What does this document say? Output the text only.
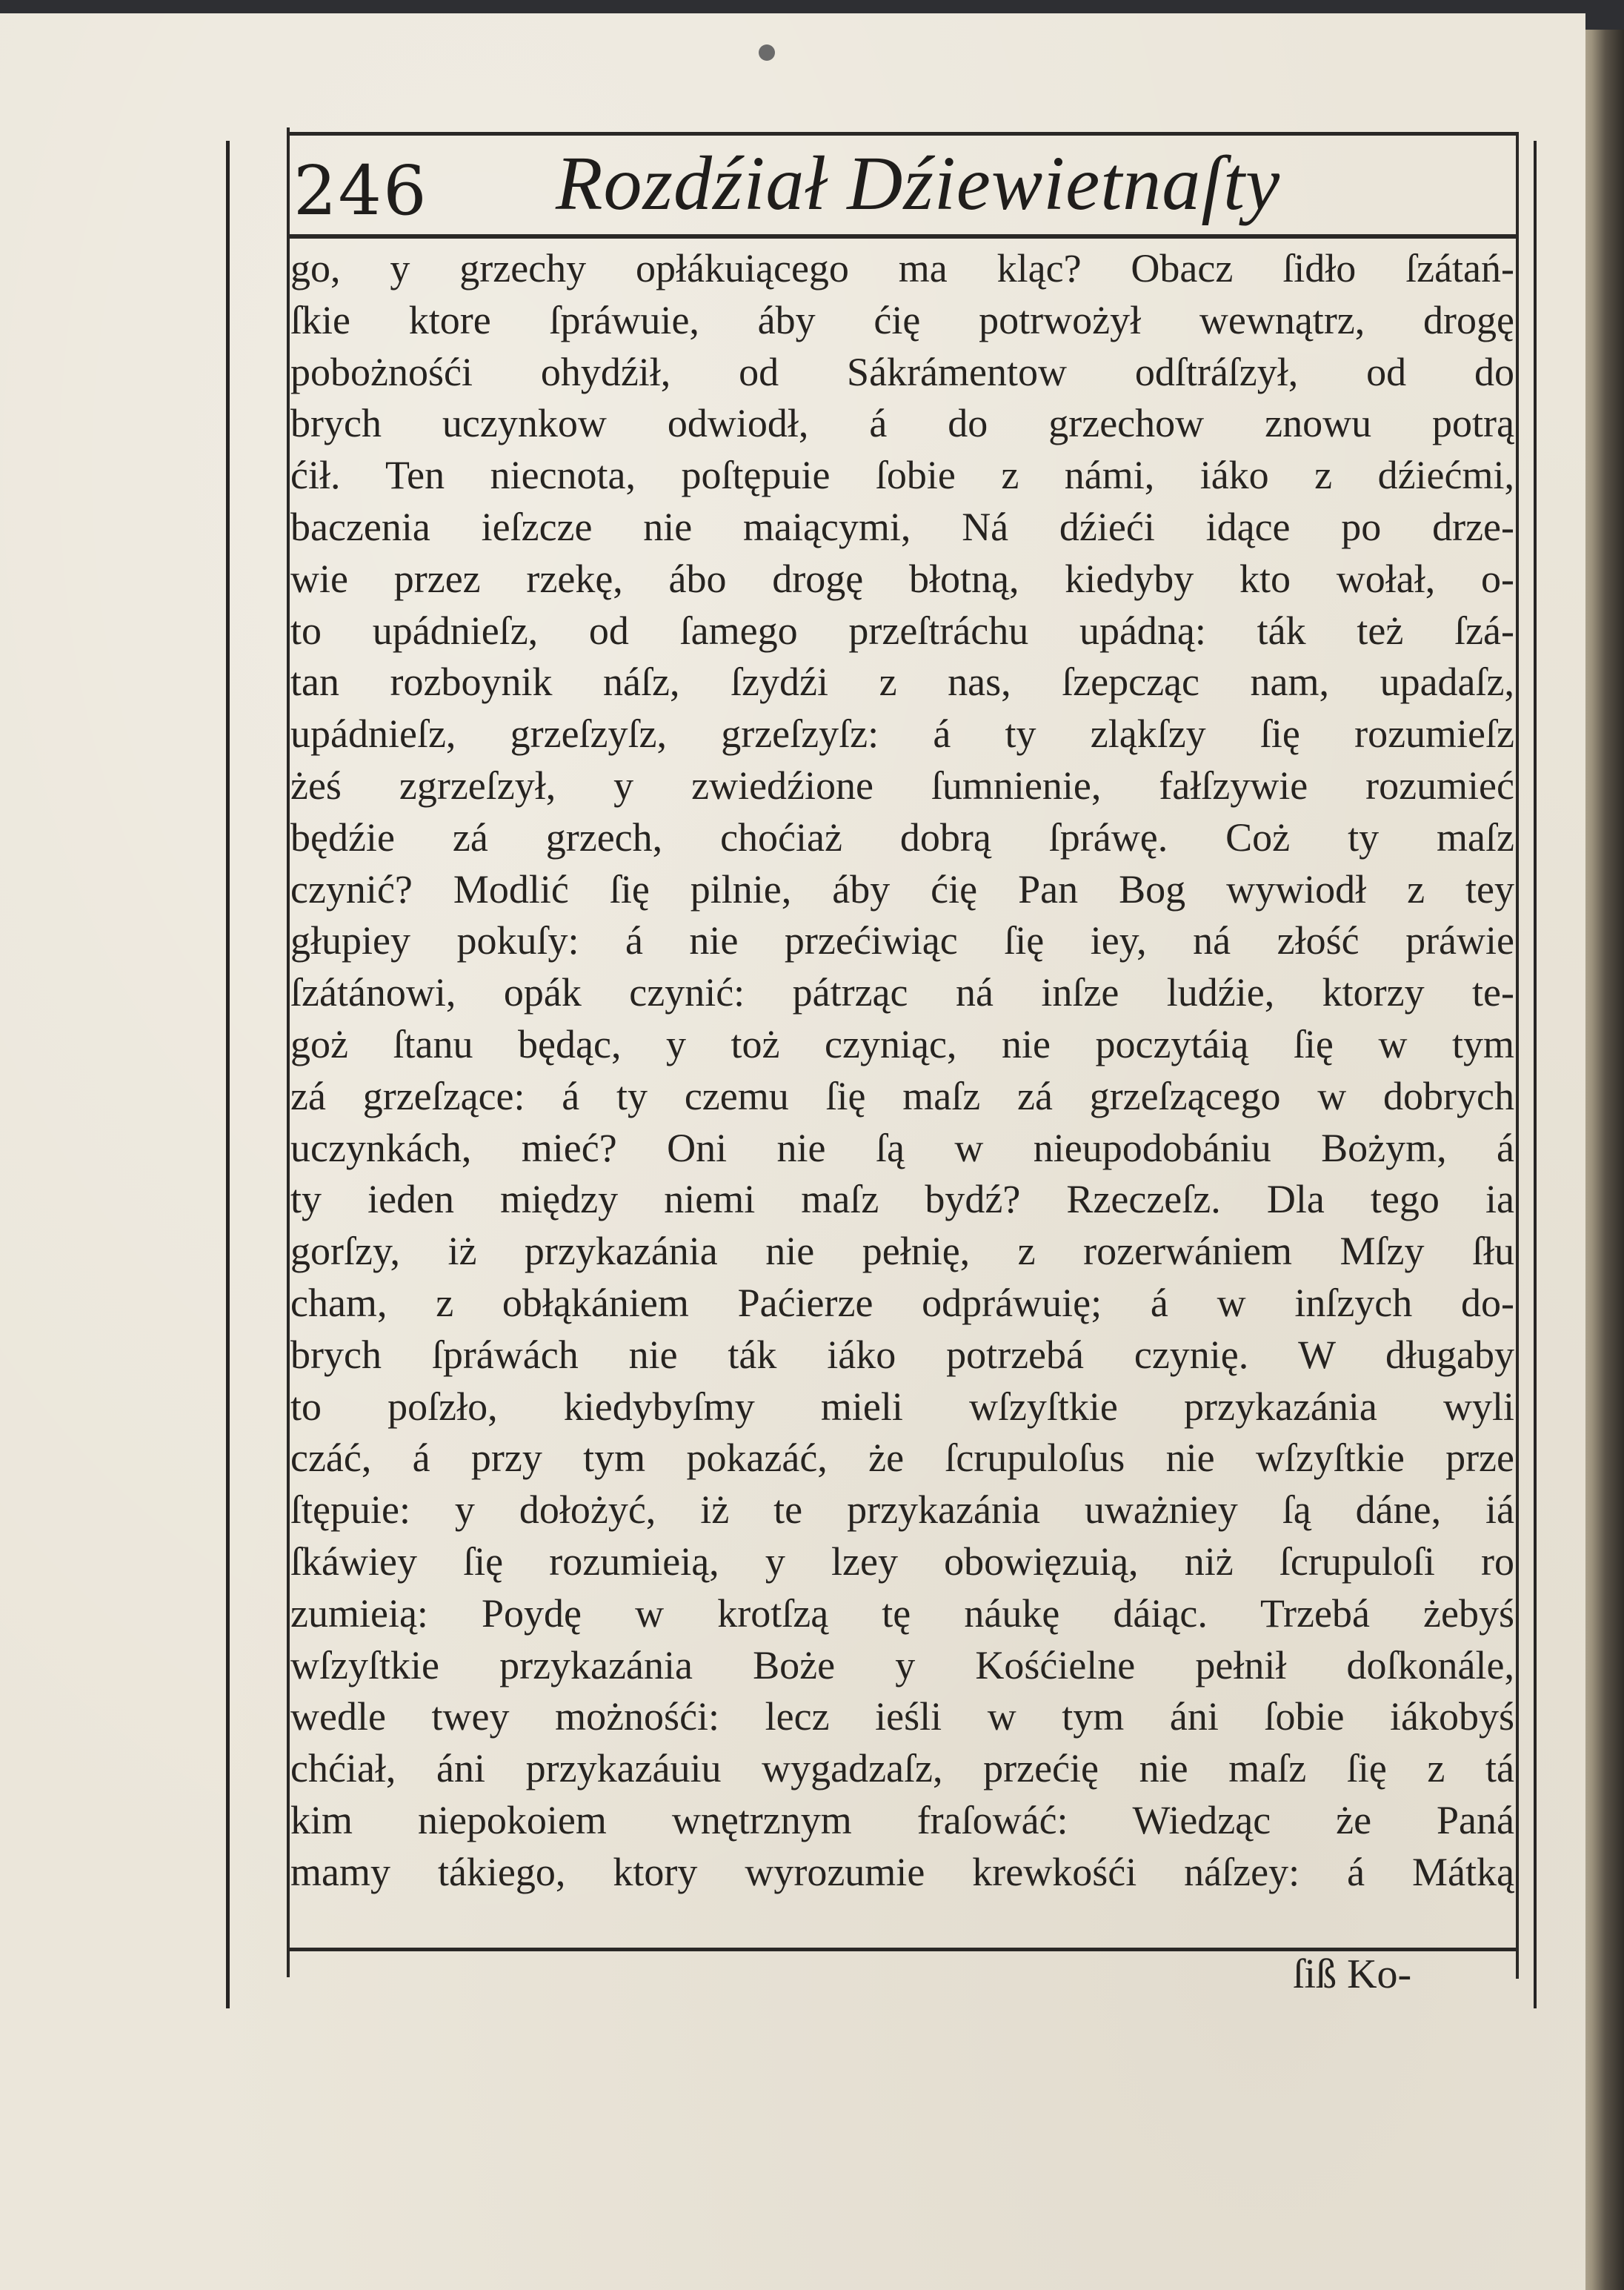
246 Rozdźiał Dźiewietnaſty
go, y grzechy opłákuiącego ma kląc? Obacz ſidło ſzátań-
ſkie ktore ſpráwuie, áby ćię potrwożył wewnątrz, drogę
pobożnośći ohydźił, od Sákrámentow odſtráſzył, od do
brych uczynkow odwiodł, á do grzechow znowu potrą
ćił. Ten niecnota, poſtępuie ſobie z námi, iáko z dźiećmi,
baczenia ieſzcze nie maiącymi, Ná dźieći idące po drze-
wie przez rzekę, ábo drogę błotną, kiedyby kto wołał, o-
to upádnieſz, od ſamego przeſtráchu upádną: ták też ſzá-
tan rozboynik náſz, ſzydźi z nas, ſzepcząc nam, upadaſz,
upádnieſz, grzeſzyſz, grzeſzyſz: á ty zląkſzy ſię rozumieſz
żeś zgrzeſzył, y zwiedźione ſumnienie, fałſzywie rozumieć
będźie zá grzech, choćiaż dobrą ſpráwę. Coż ty maſz
czynić? Modlić ſię pilnie, áby ćię Pan Bog wywiodł z tey
głupiey pokuſy: á nie przećiwiąc ſię iey, ná złość práwie
ſzátánowi, opák czynić: pátrząc ná inſze ludźie, ktorzy te-
goż ſtanu będąc, y toż czyniąc, nie poczytáią ſię w tym
zá grzeſzące: á ty czemu ſię maſz zá grzeſzącego w dobrych
uczynkách, mieć? Oni nie ſą w nieupodobániu Bożym, á
ty ieden między niemi maſz bydź? Rzeczeſz. Dla tego ia
gorſzy, iż przykazánia nie pełnię, z rozerwániem Mſzy ſłu
cham, z obłąkániem Paćierze odpráwuię; á w inſzych do-
brych ſpráwách nie ták iáko potrzebá czynię. W długaby
to poſzło, kiedybyſmy mieli wſzyſtkie przykazánia wyli
czáć, á przy tym pokazáć, że ſcrupuloſus nie wſzyſtkie prze
ſtępuie: y dołożyć, iż te przykazánia uważniey ſą dáne, iá
ſkáwiey ſię rozumieią, y lzey obowięzuią, niż ſcrupuloſi ro
zumieią: Poydę w krotſzą tę náukę dáiąc. Trzebá żebyś
wſzyſtkie przykazánia Boże y Kośćielne pełnił doſkonále,
wedle twey możnośći: lecz ieśli w tym áni ſobie iákobyś
chćiał, áni przykazáuiu wygadzaſz, przećię nie maſz ſię z tá
kim niepokoiem wnętrznym fraſowáć: Wiedząc że Paná
mamy tákiego, ktory wyrozumie krewkośći náſzey: á Mátką
ſiß Ko-
